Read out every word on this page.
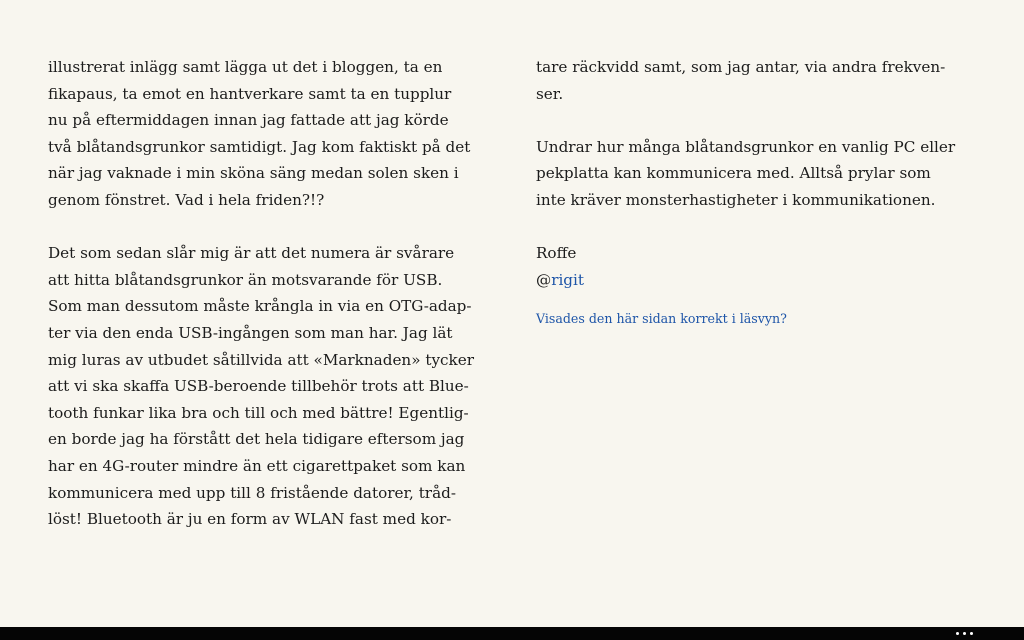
illustrerat inlägg samt lägga ut det i bloggen, ta en
fikapaus, ta emot en hantverkare samt ta en tupplur
nu på eftermiddagen innan jag fattade att jag körde
två blåtandsgrunkor samtidigt. Jag kom faktiskt på det
när jag vaknade i min sköna säng medan solen sken i
genom fönstret. Vad i hela friden?!?
Det som sedan slår mig är att det numera är svårare
att hitta blåtandsgrunkor än motsvarande för USB.
Som man dessutom måste krångla in via en OTG-adap-
ter via den enda USB-ingången som man har. Jag lät
mig luras av utbudet såtillvida att «Marknaden» tycker
att vi ska skaffa USB-beroende tillbehör trots att Blue-
tooth funkar lika bra och till och med bättre! Egentlig-
en borde jag ha förstått det hela tidigare eftersom jag
har en 4G-router mindre än ett cigarettpaket som kan
kommunicera med upp till 8 fristående datorer, tråd-
löst! Bluetooth är ju en form av WLAN fast med kor-
tare räckvidd samt, som jag antar, via andra frekven-
ser.
Undrar hur många blåtandsgrunkor en vanlig PC eller
pekplatta kan kommunicera med. Alltså prylar som
inte kräver monsterhastigheter i kommunikationen.
Roffe
@rigit
Visades den här sidan korrekt i läsvyn?
